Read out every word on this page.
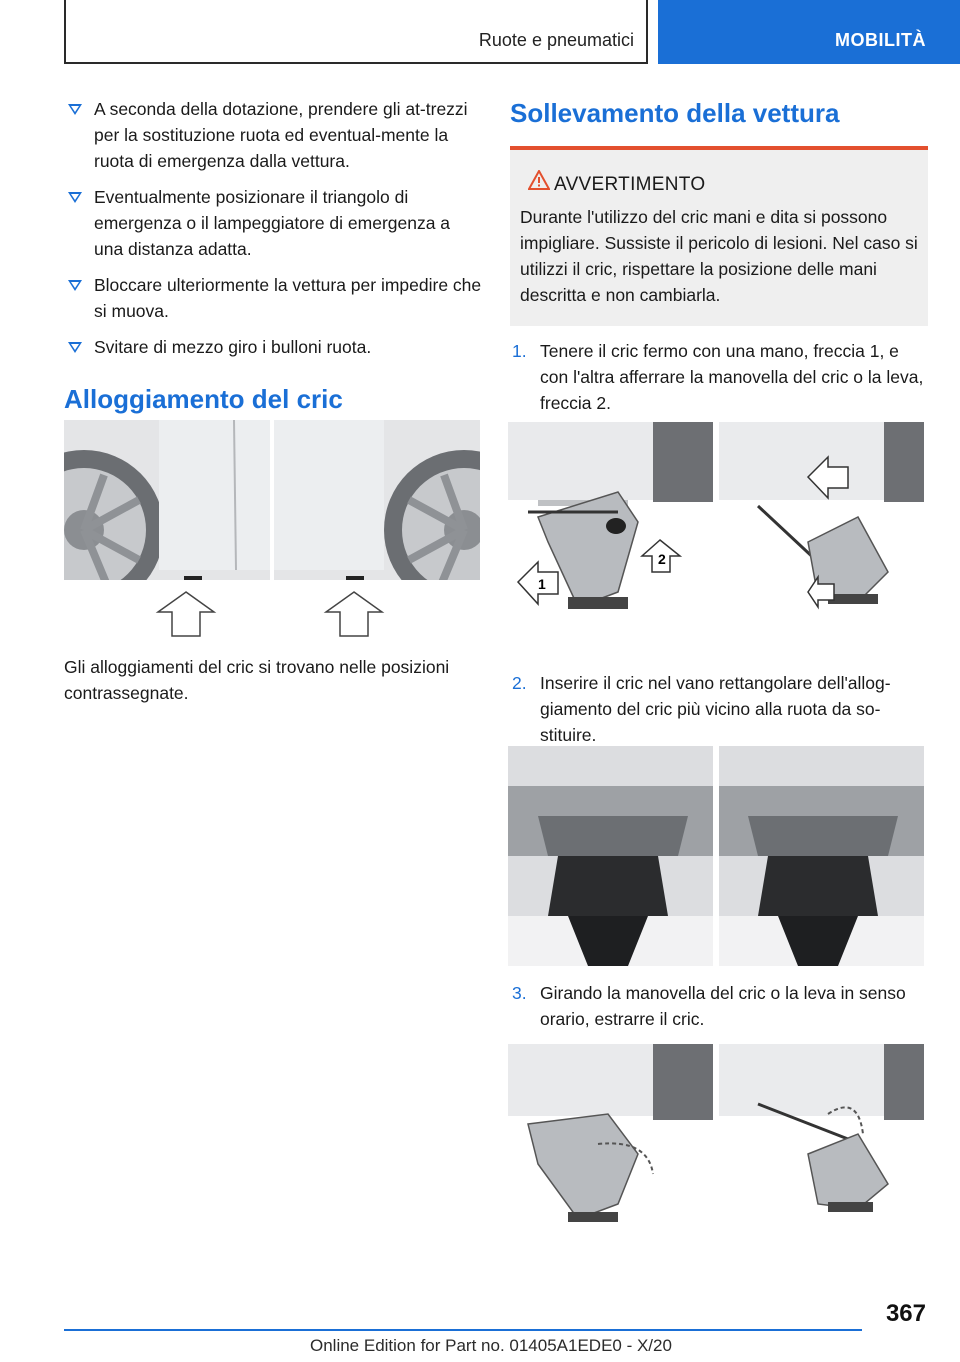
Ruote e pneumatici	MOBILITÀ
A seconda della dotazione, prendere gli at-trezzi per la sostituzione ruota ed eventual-mente la ruota di emergenza dalla vettura.
Eventualmente posizionare il triangolo di emergenza o il lampeggiatore di emergenza a una distanza adatta.
Bloccare ulteriormente la vettura per impedire che si muova.
Svitare di mezzo giro i bulloni ruota.
Alloggiamento del cric
Gli alloggiamenti del cric si trovano nelle posizioni contrassegnate.
Sollevamento della vettura
AVVERTIMENTO
Durante l'utilizzo del cric mani e dita si possono impigliare. Sussiste il pericolo di lesioni. Nel caso si utilizzi il cric, rispettare la posizione delle mani descritta e non cambiarla.
1. Tenere il cric fermo con una mano, freccia 1, e con l'altra afferrare la manovella del cric o la leva, freccia 2.
1
2
2. Inserire il cric nel vano rettangolare dell'allog-giamento del cric più vicino alla ruota da so-stituire.
3. Girando la manovella del cric o la leva in senso orario, estrarre il cric.
367
Online Edition for Part no. 01405A1EDE0 - X/20
